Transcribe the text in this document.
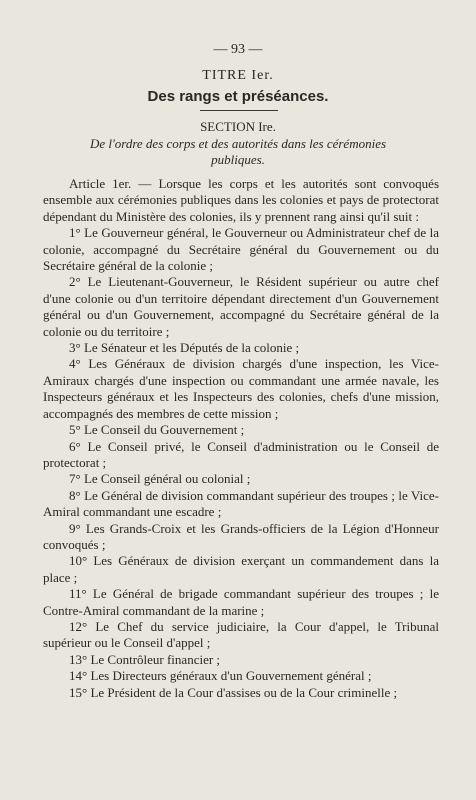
— 93 —
TITRE Ier.
Des rangs et préséances.
SECTION Ire.
De l'ordre des corps et des autorités dans les cérémonies publiques.

Article 1er. — Lorsque les corps et les autorités sont convoqués ensemble aux cérémonies publiques dans les colonies et pays de protectorat dépendant du Ministère des colonies, ils y prennent rang ainsi qu'il suit :

1° Le Gouverneur général, le Gouverneur ou Administrateur chef de la colonie, accompagné du Secrétaire général du Gouvernement ou du Secrétaire général de la colonie ;

2° Le Lieutenant-Gouverneur, le Résident supérieur ou autre chef d'une colonie ou d'un territoire dépendant directement d'un Gouvernement général ou d'un Gouvernement, accompagné du Secrétaire général de la colonie ou du territoire ;

3° Le Sénateur et les Députés de la colonie ;

4° Les Généraux de division chargés d'une inspection, les Vice-Amiraux chargés d'une inspection ou commandant une armée navale, les Inspecteurs généraux et les Inspecteurs des colonies, chefs d'une mission, accompagnés des membres de cette mission ;

5° Le Conseil du Gouvernement ;

6° Le Conseil privé, le Conseil d'administration ou le Conseil de protectorat ;

7° Le Conseil général ou colonial ;

8° Le Général de division commandant supérieur des troupes ; le Vice-Amiral commandant une escadre ;

9° Les Grands-Croix et les Grands-officiers de la Légion d'Honneur convoqués ;

10° Les Généraux de division exerçant un commandement dans la place ;

11° Le Général de brigade commandant supérieur des troupes ; le Contre-Amiral commandant de la marine ;

12° Le Chef du service judiciaire, la Cour d'appel, le Tribunal supérieur ou le Conseil d'appel ;

13° Le Contrôleur financier ;

14° Les Directeurs généraux d'un Gouvernement général ;

15° Le Président de la Cour d'assises ou de la Cour criminelle ;
